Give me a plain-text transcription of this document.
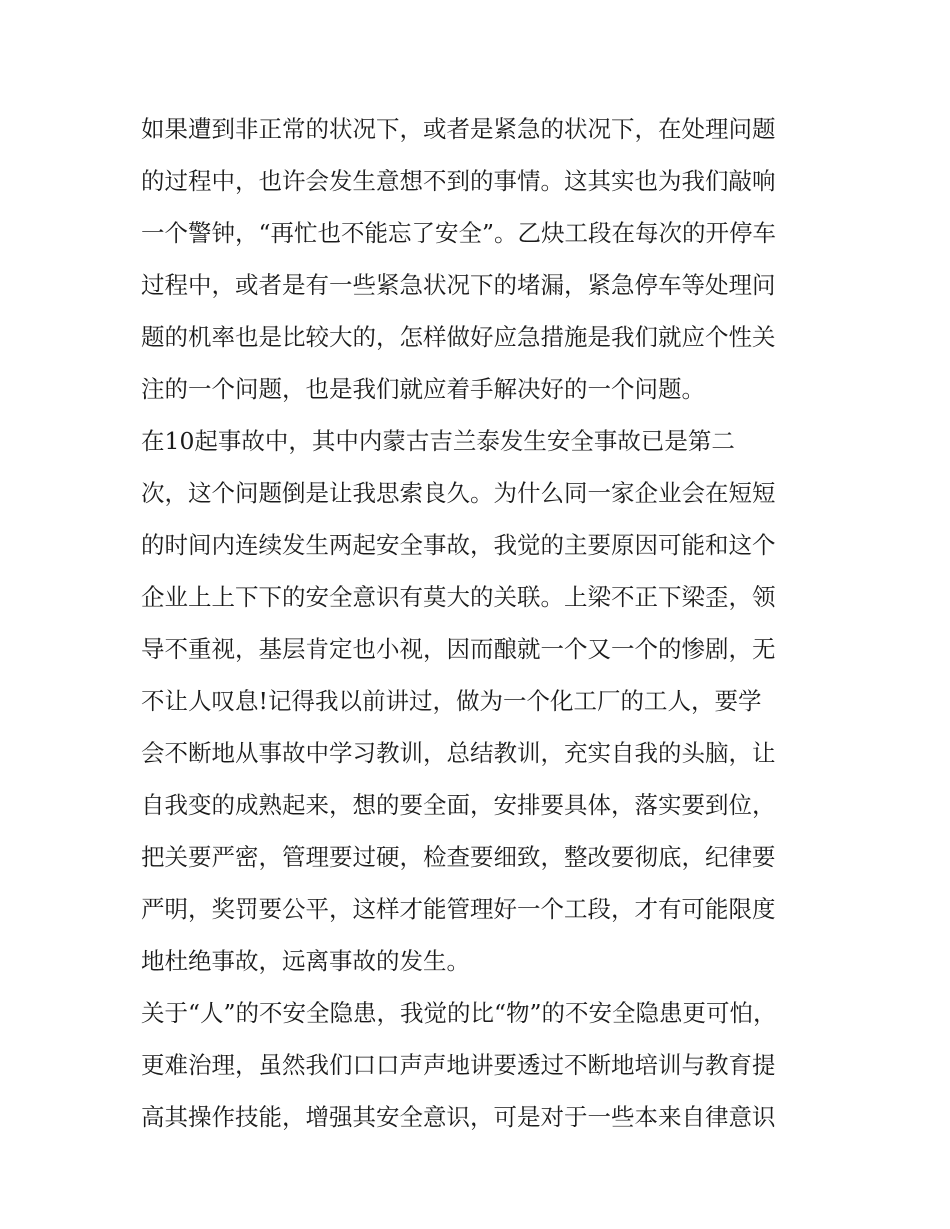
如果遭到非正常的状况下，或者是紧急的状况下，在处理问题
的过程中，也许会发生意想不到的事情。这其实也为我们敲响
一个警钟，“再忙也不能忘了安全”。乙炔工段在每次的开停车
过程中，或者是有一些紧急状况下的堵漏，紧急停车等处理问
题的机率也是比较大的，怎样做好应急措施是我们就应个性关
注的一个问题，也是我们就应着手解决好的一个问题。
在10起事故中，其中内蒙古吉兰泰发生安全事故已是第二
次，这个问题倒是让我思索良久。为什么同一家企业会在短短
的时间内连续发生两起安全事故，我觉的主要原因可能和这个
企业上上下下的安全意识有莫大的关联。上梁不正下梁歪，领
导不重视，基层肯定也小视，因而酿就一个又一个的惨剧，无
不让人叹息!记得我以前讲过，做为一个化工厂的工人，要学
会不断地从事故中学习教训，总结教训，充实自我的头脑，让
自我变的成熟起来，想的要全面，安排要具体，落实要到位，
把关要严密，管理要过硬，检查要细致，整改要彻底，纪律要
严明，奖罚要公平，这样才能管理好一个工段，才有可能限度
地杜绝事故，远离事故的发生。
关于“人”的不安全隐患，我觉的比“物”的不安全隐患更可怕，
更难治理，虽然我们口口声声地讲要透过不断地培训与教育提
高其操作技能，增强其安全意识，可是对于一些本来自律意识
